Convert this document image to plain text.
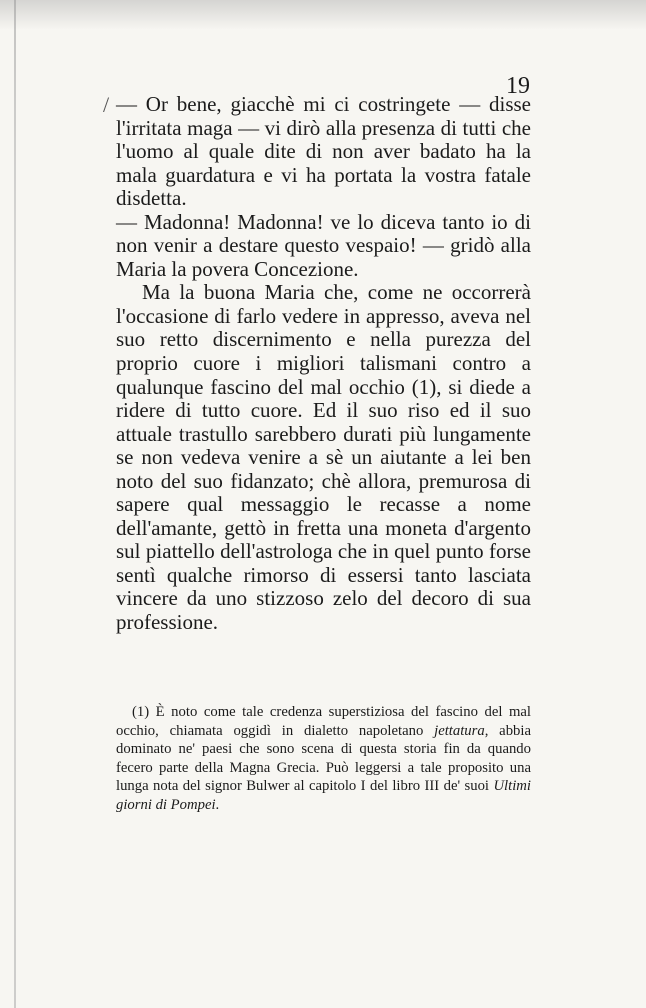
19
/ — Or bene, giacchè mi ci costringete — disse l'irritata maga — vi dirò alla presenza di tutti che l'uomo al quale dite di non aver badato ha la mala guardatura e vi ha portata la vostra fatale disdetta.

— Madonna! Madonna! ve lo diceva tanto io di non venir a destare questo vespaio! — gridò alla Maria la povera Concezione.

Ma la buona Maria che, come ne occorrerà l'occasione di farlo vedere in appresso, aveva nel suo retto discernimento e nella purezza del proprio cuore i migliori talismani contro a qualunque fascino del mal occhio (1), si diede a ridere di tutto cuore. Ed il suo riso ed il suo attuale trastullo sarebbero durati più lungamente se non vedeva venire a sè un aiutante a lei ben noto del suo fidanzato; chè allora, premurosa di sapere qual messaggio le recasse a nome dell'amante, gettò in fretta una moneta d'argento sul piattello dell'astrologa che in quel punto forse sentì qualche rimorso di essersi tanto lasciata vincere da uno stizzoso zelo del decoro di sua professione.

(1) È noto come tale credenza superstiziosa del fascino del mal occhio, chiamata oggidì in dialetto napoletano jettatura, abbia dominato ne' paesi che sono scena di questa storia fin da quando fecero parte della Magna Grecia. Può leggersi a tale proposito una lunga nota del signor Bulwer al capitolo I del libro III de' suoi Ultimi giorni di Pompei.
